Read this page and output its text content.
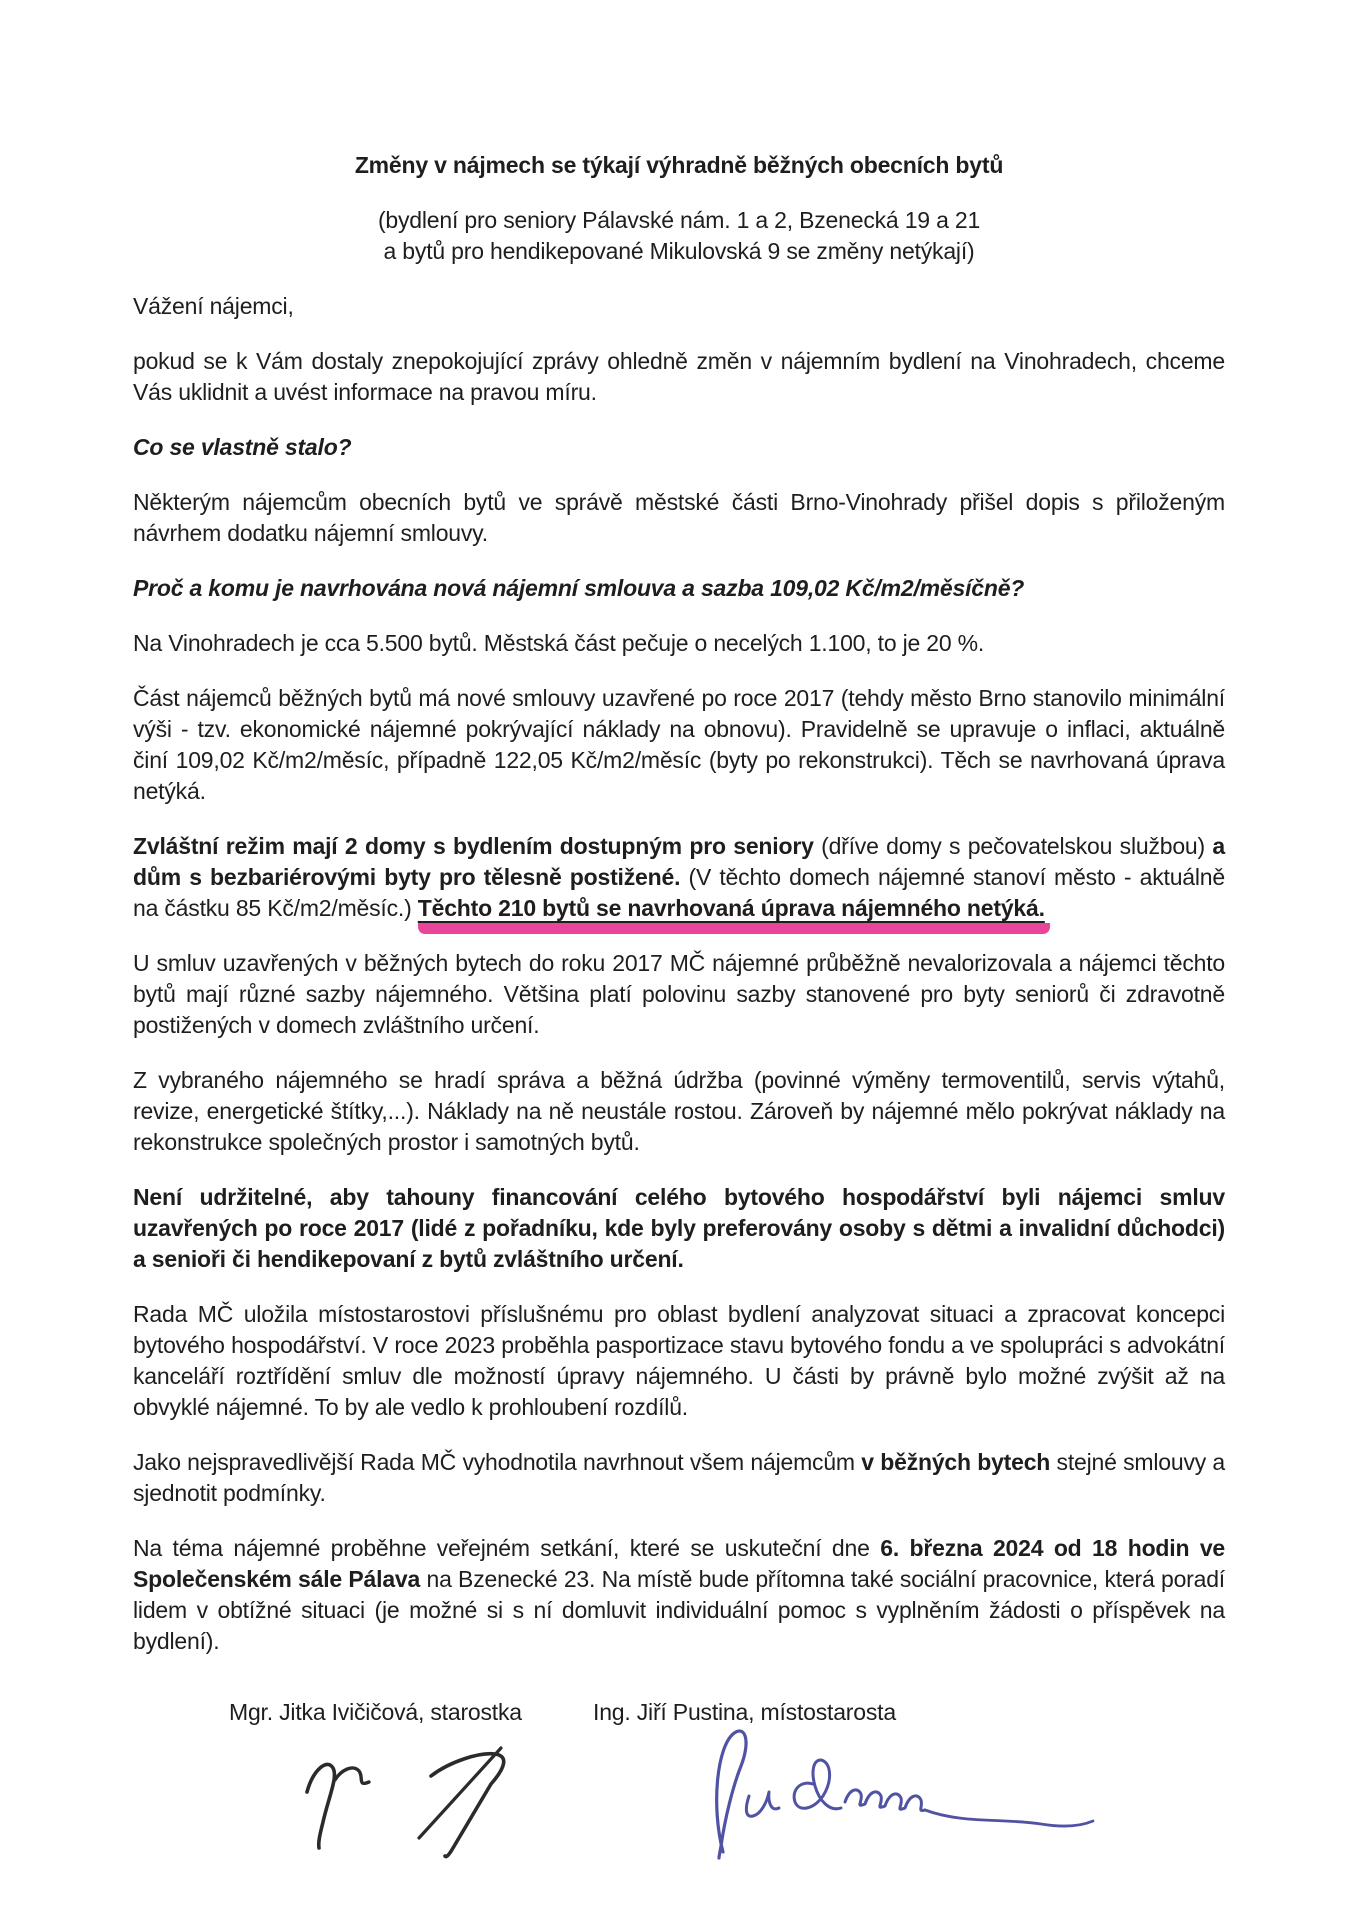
Změny v nájmech se týkají výhradně běžných obecních bytů

(bydlení pro seniory Pálavské nám. 1 a 2, Bzenecká 19 a 21
a bytů pro hendikepované Mikulovská 9 se změny netýkají)

Vážení nájemci,

pokud se k Vám dostaly znepokojující zprávy ohledně změn v nájemním bydlení na Vinohradech, chceme Vás uklidnit a uvést informace na pravou míru.

Co se vlastně stalo?

Některým nájemcům obecních bytů ve správě městské části Brno-Vinohrady přišel dopis s přiloženým návrhem dodatku nájemní smlouvy.

Proč a komu je navrhována nová nájemní smlouva a sazba 109,02 Kč/m2/měsíčně?

Na Vinohradech je cca 5.500 bytů. Městská část pečuje o necelých 1.100, to je 20 %.

Část nájemců běžných bytů má nové smlouvy uzavřené po roce 2017 (tehdy město Brno stanovilo minimální výši - tzv. ekonomické nájemné pokrývající náklady na obnovu). Pravidelně se upravuje o inflaci, aktuálně činí 109,02 Kč/m2/měsíc, případně 122,05 Kč/m2/měsíc (byty po rekonstrukci). Těch se navrhovaná úprava netýká.

Zvláštní režim mají 2 domy s bydlením dostupným pro seniory (dříve domy s pečovatelskou službou) a dům s bezbariérovými byty pro tělesně postižené. (V těchto domech nájemné stanoví město - aktuálně na částku 85 Kč/m2/měsíc.) Těchto 210 bytů se navrhovaná úprava nájemného netýká.

U smluv uzavřených v běžných bytech do roku 2017 MČ nájemné průběžně nevalorizovala a nájemci těchto bytů mají různé sazby nájemného. Většina platí polovinu sazby stanovené pro byty seniorů či zdravotně postižených v domech zvláštního určení.

Z vybraného nájemného se hradí správa a běžná údržba (povinné výměny termoventilů, servis výtahů, revize, energetické štítky,...). Náklady na ně neustále rostou. Zároveň by nájemné mělo pokrývat náklady na rekonstrukce společných prostor i samotných bytů.

Není udržitelné, aby tahouny financování celého bytového hospodářství byli nájemci smluv uzavřených po roce 2017 (lidé z pořadníku, kde byly preferovány osoby s dětmi a invalidní důchodci) a senioři či hendikepovaní z bytů zvláštního určení.

Rada MČ uložila místostarostovi příslušnému pro oblast bydlení analyzovat situaci a zpracovat koncepci bytového hospodářství. V roce 2023 proběhla pasportizace stavu bytového fondu a ve spolupráci s advokátní kanceláří roztřídění smluv dle možností úpravy nájemného. U části by právně bylo možné zvýšit až na obvyklé nájemné. To by ale vedlo k prohloubení rozdílů.

Jako nejspravedlivější Rada MČ vyhodnotila navrhnout všem nájemcům v běžných bytech stejné smlouvy a sjednotit podmínky.

Na téma nájemné proběhne veřejném setkání, které se uskuteční dne 6. března 2024 od 18 hodin ve Společenském sále Pálava na Bzenecké 23. Na místě bude přítomna také sociální pracovnice, která poradí lidem v obtížné situaci (je možné si s ní domluvit individuální pomoc s vyplněním žádosti o příspěvek na bydlení).

Mgr. Jitka Ivičičová, starostka	Ing. Jiří Pustina, místostarosta
